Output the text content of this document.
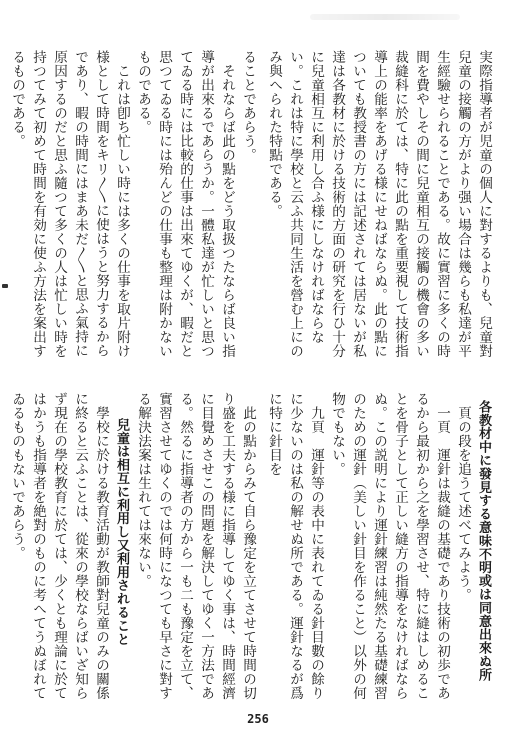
実際指導者が児童の個人に對するよりも、兒童對兒童の接觸の方がより强い場合は幾らも私達が平生經驗せられることである。故に實習に多くの時間を費やしその間に兒童相互の接觸の機會の多い裁縫科に於ては、特に此の點を重要視して技術指導上の能率をあげる様にせねばならぬ。此の點についても教授書の方には記述されては居ないが私達は各教材に於ける技術的方面の研究を行ひ十分に兒童相互に利用し合ふ様にしなければならない。これは特に學校と云ふ共同生活を營む上にのみ與へられた特點である。
各教材中に發見する意味不明或は同意出來ぬ所
頁の段を追うて述べてみよう。
一頁　運針は裁縫の基礎であり技術の初歩であるから最初から之を學習させ、特に縫はしめることを骨子として正しい縫方の指導をなければならぬ。この説明により運針練習は純然たる基礎練習のための運針（美しい針目を作ること）以外の何物でもない。
九頁　運針等の表中に表れてゐる針目數の餘りに少ないのは私の解せぬ所である。運針なるが爲に特に針目を
ることであらう。
それならば此の點をどう取扱つたならば良い指導が出來るであらうか。一體私達が忙しいと思つてゐる時には比較的仕事は出來てゆくが、暇だと思つてゐる時には殆んどの仕事も整理は附かないものである。
これは卽ち忙しい時には多くの仕事を取片附け様として時間をキリ〳〵に使はうと努力するからであり、暇の時間にはまあ未だ〳〵と思ふ氣持に原因するのだと思ふ隨つて多くの人は忙しい時を持つてみて初めて時間を有効に使ふ方法を案出するものである。
此の點からみて自ら豫定を立てさせて時間の切り盛を工夫する様に指導してゆく事は、時間經濟に目覺めさせこの問題を解決してゆく一方法である。然るに指導者の方から一も二も豫定を立て、實習させてゆくのでは何時になつても早さに對する解決法案は生れては來ない。
兒童は相互に利用し又利用されること
學校に於ける教育活動が教師對兒童のみの關係に終ると云ふことは、從來の學校ならばいざ知らず現在の學校教育に於ては、少くとも理論に於てはかうも指導者を絶對のものに考へてうぬぼれてゐるものもないであらう。
256
